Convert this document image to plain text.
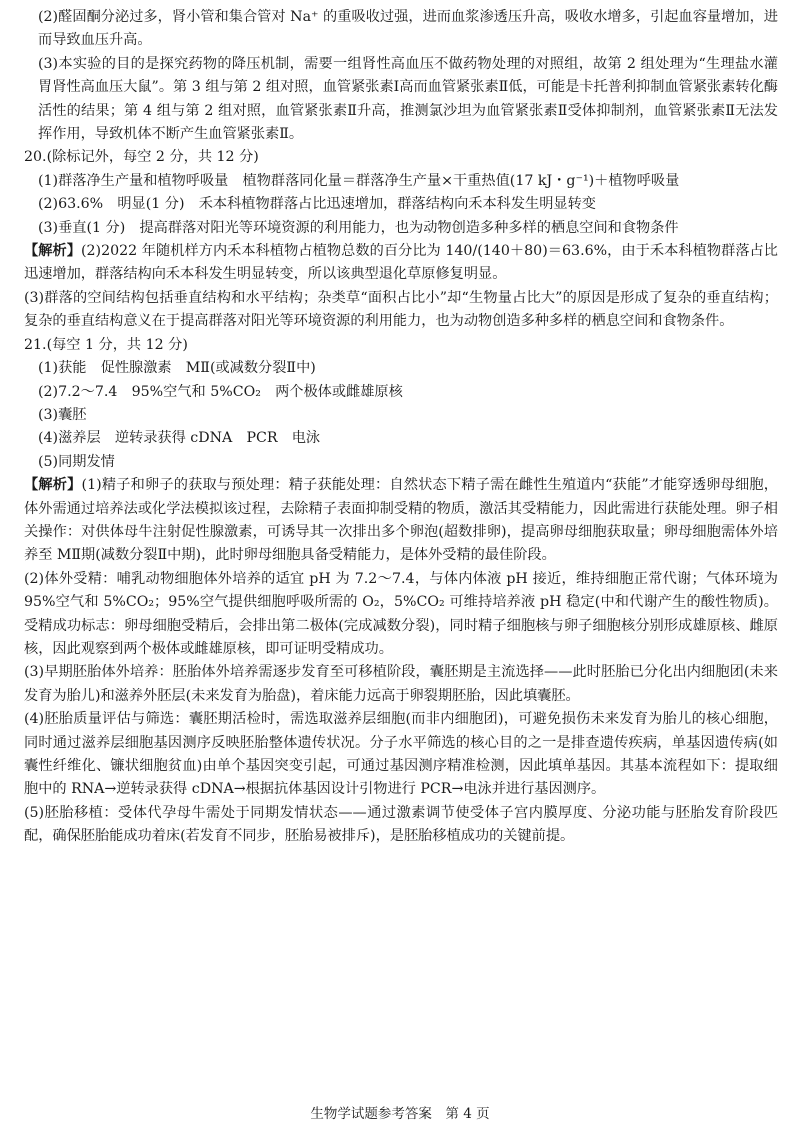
(2)醛固酮分泌过多，肾小管和集合管对 Na⁺ 的重吸收过强，进而血浆渗透压升高，吸收水增多，引起血容量增加，进而导致血压升高。

(3)本实验的目的是探究药物的降压机制，需要一组肾性高血压不做药物处理的对照组，故第 2 组处理为“生理盐水灌胃肾性高血压大鼠”。第 3 组与第 2 组对照，血管紧张素Ⅰ高而血管紧张素Ⅱ低，可能是卡托普利抑制血管紧张素转化酶活性的结果；第 4 组与第 2 组对照，血管紧张素Ⅱ升高，推测氯沙坦为血管紧张素Ⅱ受体抑制剂，血管紧张素Ⅱ无法发挥作用，导致机体不断产生血管紧张素Ⅱ。

20.(除标记外，每空 2 分，共 12 分)

(1)群落净生产量和植物呼吸量　植物群落同化量＝群落净生产量×干重热值(17 kJ・g⁻¹)＋植物呼吸量

(2)63.6%　明显(1 分)　禾本科植物群落占比迅速增加，群落结构向禾本科发生明显转变

(3)垂直(1 分)　提高群落对阳光等环境资源的利用能力，也为动物创造多种多样的栖息空间和食物条件

【解析】(2)2022 年随机样方内禾本科植物占植物总数的百分比为 140/(140＋80)＝63.6%，由于禾本科植物群落占比迅速增加，群落结构向禾本科发生明显转变，所以该典型退化草原修复明显。

(3)群落的空间结构包括垂直结构和水平结构；杂类草“面积占比小”却“生物量占比大”的原因是形成了复杂的垂直结构；复杂的垂直结构意义在于提高群落对阳光等环境资源的利用能力，也为动物创造多种多样的栖息空间和食物条件。

21.(每空 1 分，共 12 分)

(1)获能　促性腺激素　MⅡ(或减数分裂Ⅱ中)

(2)7.2～7.4　95%空气和 5%CO₂　两个极体或雌雄原核

(3)囊胚

(4)滋养层　逆转录获得 cDNA　PCR　电泳

(5)同期发情

【解析】(1)精子和卵子的获取与预处理：精子获能处理：自然状态下精子需在雌性生殖道内“获能”才能穿透卵母细胞，体外需通过培养法或化学法模拟该过程，去除精子表面抑制受精的物质，激活其受精能力，因此需进行获能处理。卵子相关操作：对供体母牛注射促性腺激素，可诱导其一次排出多个卵泡(超数排卵)，提高卵母细胞获取量；卵母细胞需体外培养至 MⅡ期(减数分裂Ⅱ中期)，此时卵母细胞具备受精能力，是体外受精的最佳阶段。

(2)体外受精：哺乳动物细胞体外培养的适宜 pH 为 7.2～7.4，与体内体液 pH 接近，维持细胞正常代谢；气体环境为 95%空气和 5%CO₂；95%空气提供细胞呼吸所需的 O₂，5%CO₂ 可维持培养液 pH 稳定(中和代谢产生的酸性物质)。受精成功标志：卵母细胞受精后，会排出第二极体(完成减数分裂)，同时精子细胞核与卵子细胞核分别形成雄原核、雌原核，因此观察到两个极体或雌雄原核，即可证明受精成功。

(3)早期胚胎体外培养：胚胎体外培养需逐步发育至可移植阶段，囊胚期是主流选择——此时胚胎已分化出内细胞团(未来发育为胎儿)和滋养外胚层(未来发育为胎盘)，着床能力远高于卵裂期胚胎，因此填囊胚。

(4)胚胎质量评估与筛选：囊胚期活检时，需选取滋养层细胞(而非内细胞团)，可避免损伤未来发育为胎儿的核心细胞，同时通过滋养层细胞基因测序反映胚胎整体遗传状况。分子水平筛选的核心目的之一是排查遗传疾病，单基因遗传病(如囊性纤维化、镰状细胞贫血)由单个基因突变引起，可通过基因测序精准检测，因此填单基因。其基本流程如下：提取细胞中的 RNA→逆转录获得 cDNA→根据抗体基因设计引物进行 PCR→电泳并进行基因测序。

(5)胚胎移植：受体代孕母牛需处于同期发情状态——通过激素调节使受体子宫内膜厚度、分泌功能与胚胎发育阶段匹配，确保胚胎能成功着床(若发育不同步，胚胎易被排斥)，是胚胎移植成功的关键前提。

生物学试题参考答案　第 4 页
